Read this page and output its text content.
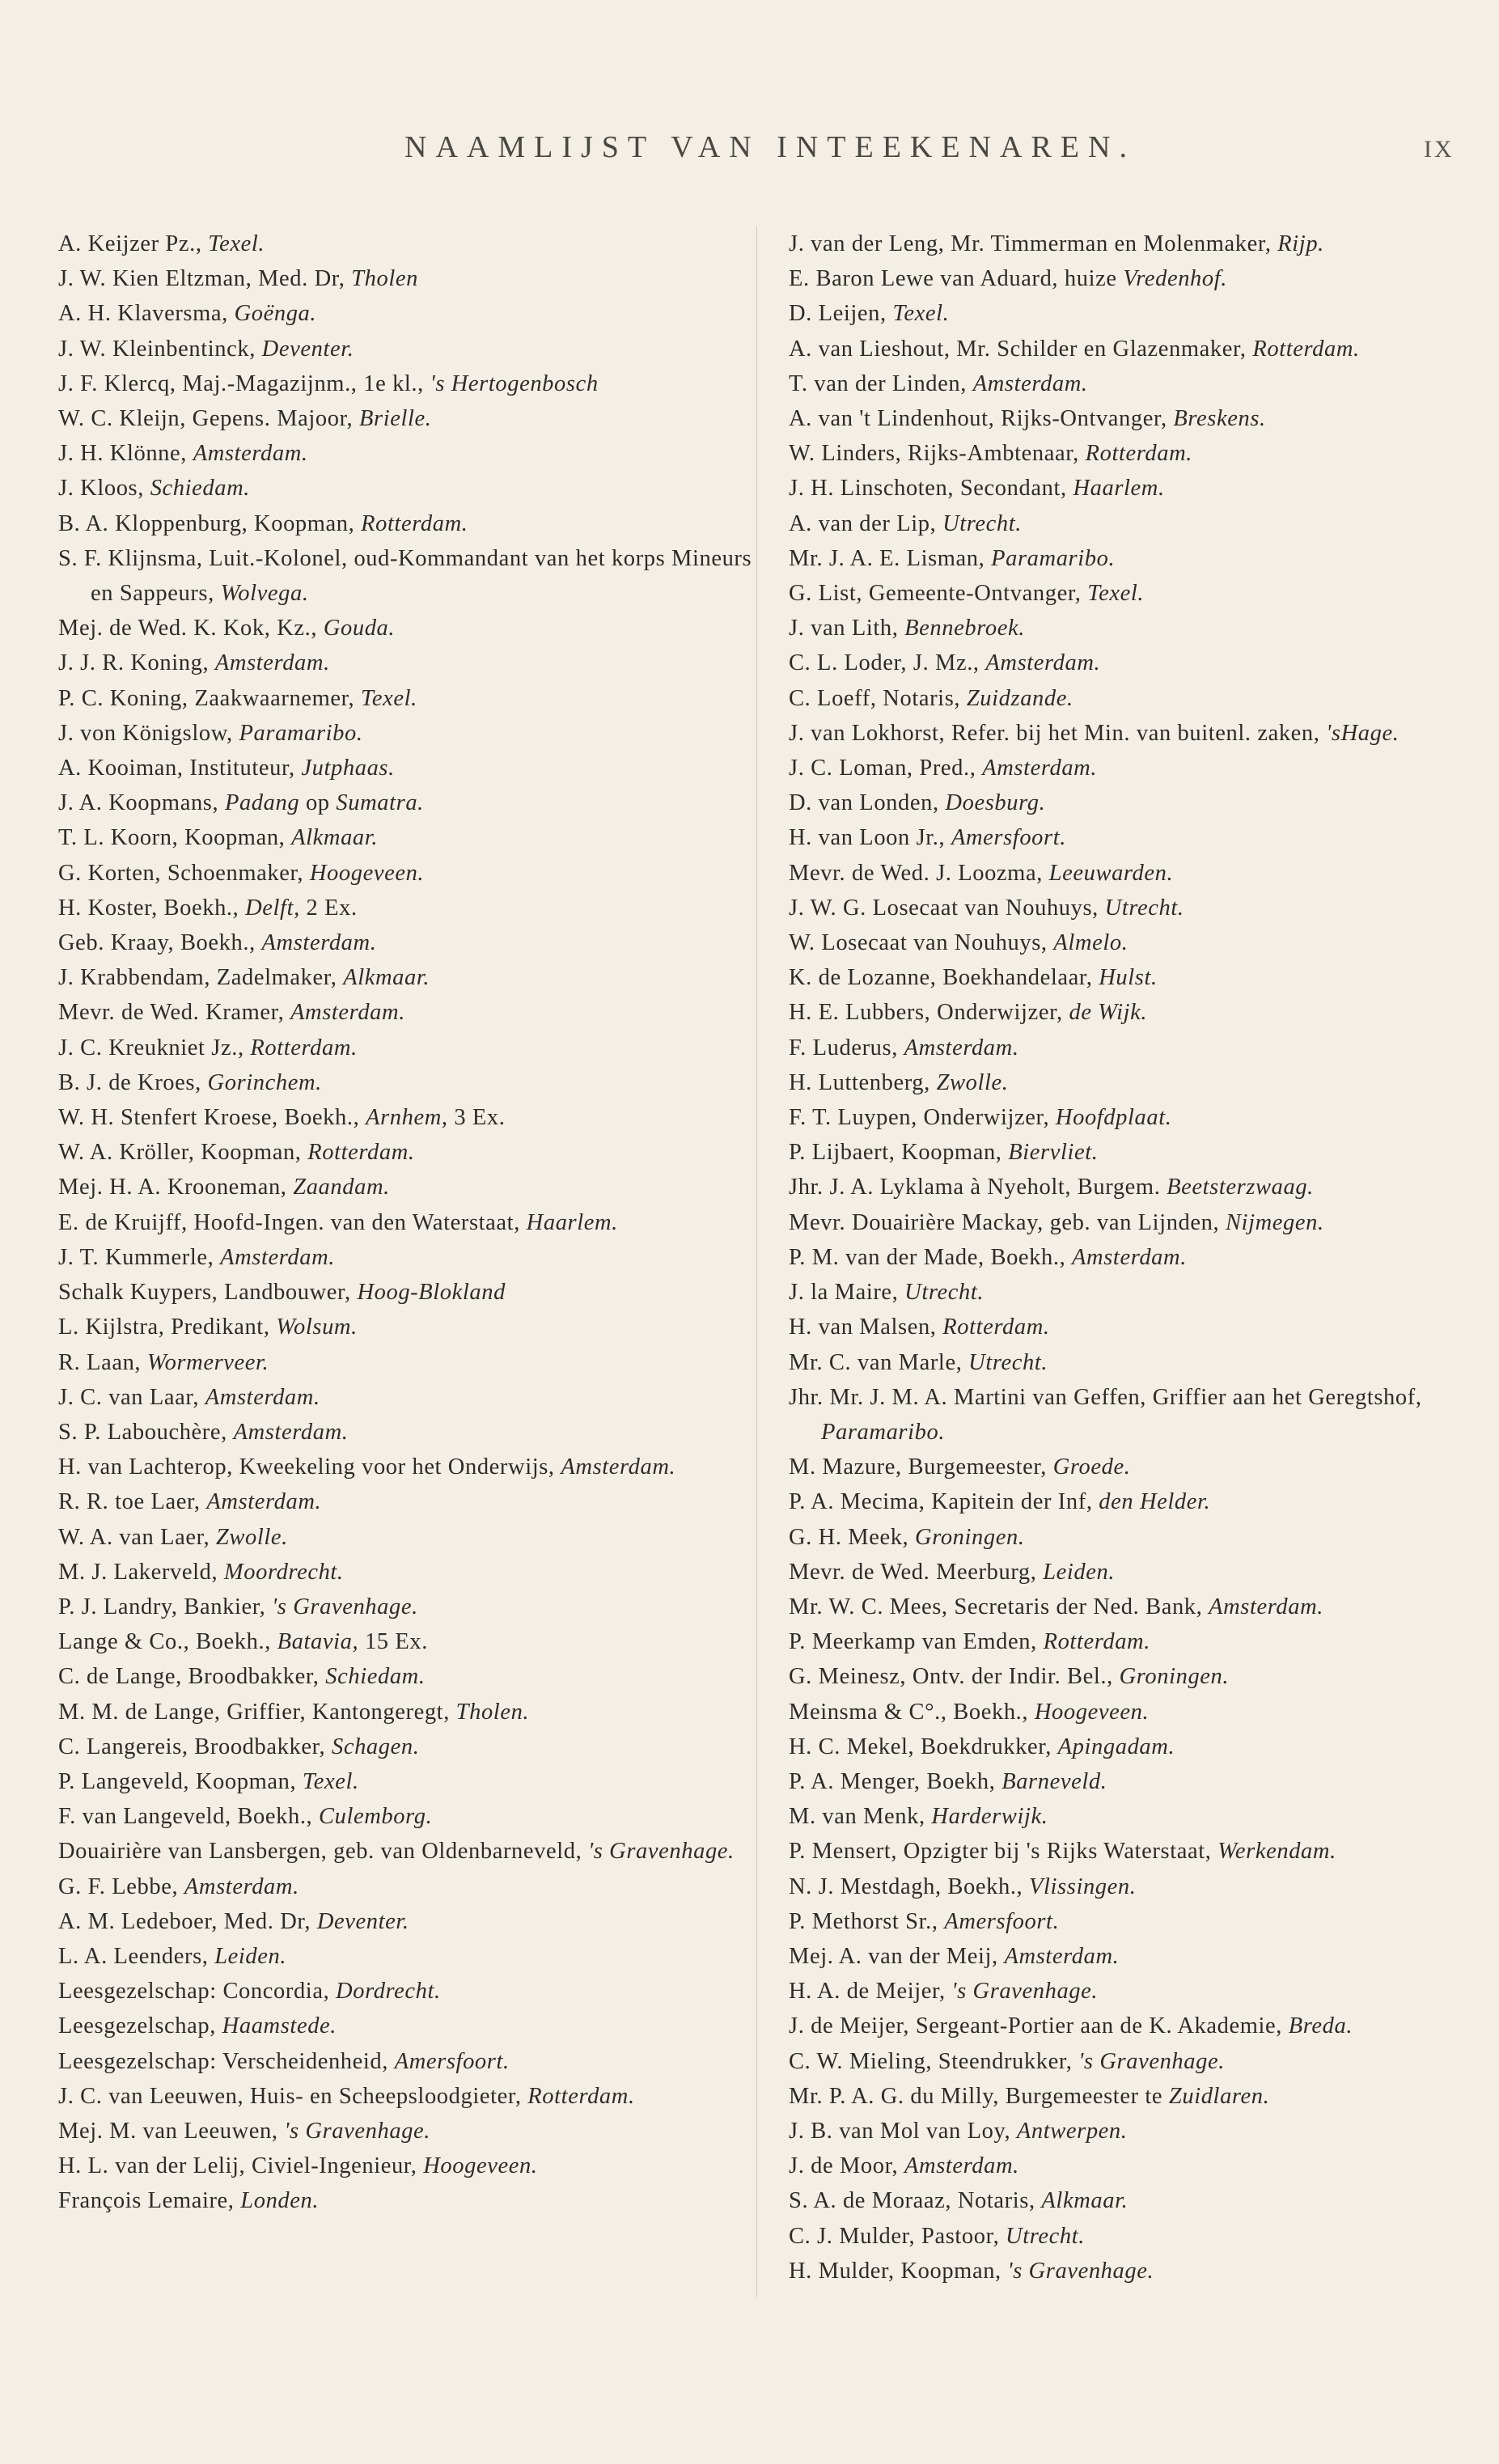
NAAMLIJST VAN INTEEKENAREN.	IX
A. Keijzer Pz., Texel.
J. W. Kien Eltzman, Med. Dr, Tholen
A. H. Klaversma, Goënga.
J. W. Kleinbentinck, Deventer.
J. F. Klercq, Maj.-Magazijnm., 1e kl., 's Hertogenbosch
W. C. Kleijn, Gepens. Majoor, Brielle.
J. H. Klönne, Amsterdam.
J. Kloos, Schiedam.
B. A. Kloppenburg, Koopman, Rotterdam.
S. F. Klijnsma, Luit.-Kolonel, oud-Kommandant van het korps Mineurs en Sappeurs, Wolvega.
Mej. de Wed. K. Kok, Kz., Gouda.
J. J. R. Koning, Amsterdam.
P. C. Koning, Zaakwaarnemer, Texel.
J. von Königslow, Paramaribo.
A. Kooiman, Instituteur, Jutphaas.
J. A. Koopmans, Padang op Sumatra.
T. L. Koorn, Koopman, Alkmaar.
G. Korten, Schoenmaker, Hoogeveen.
H. Koster, Boekh., Delft, 2 Ex.
Geb. Kraay, Boekh., Amsterdam.
J. Krabbendam, Zadelmaker, Alkmaar.
Mevr. de Wed. Kramer, Amsterdam.
J. C. Kreukniet Jz., Rotterdam.
B. J. de Kroes, Gorinchem.
W. H. Stenfert Kroese, Boekh., Arnhem, 3 Ex.
W. A. Kröller, Koopman, Rotterdam.
Mej. H. A. Krooneman, Zaandam.
E. de Kruijff, Hoofd-Ingen. van den Waterstaat, Haarlem.
J. T. Kummerle, Amsterdam.
Schalk Kuypers, Landbouwer, Hoog-Blokland
L. Kijlstra, Predikant, Wolsum.
R. Laan, Wormerveer.
J. C. van Laar, Amsterdam.
S. P. Labouchère, Amsterdam.
H. van Lachterop, Kweekeling voor het Onderwijs, Amsterdam.
R. R. toe Laer, Amsterdam.
W. A. van Laer, Zwolle.
M. J. Lakerveld, Moordrecht.
P. J. Landry, Bankier, 's Gravenhage.
Lange & Co., Boekh., Batavia, 15 Ex.
C. de Lange, Broodbakker, Schiedam.
M. M. de Lange, Griffier, Kantongeregt, Tholen.
C. Langereis, Broodbakker, Schagen.
P. Langeveld, Koopman, Texel.
F. van Langeveld, Boekh., Culemborg.
Douairière van Lansbergen, geb. van Oldenbarneveld, 's Gravenhage.
G. F. Lebbe, Amsterdam.
A. M. Ledeboer, Med. Dr, Deventer.
L. A. Leenders, Leiden.
Leesgezelschap: Concordia, Dordrecht.
Leesgezelschap, Haamstede.
Leesgezelschap: Verscheidenheid, Amersfoort.
J. C. van Leeuwen, Huis- en Scheepsloodgieter, Rotterdam.
Mej. M. van Leeuwen, 's Gravenhage.
H. L. van der Lelij, Civiel-Ingenieur, Hoogeveen.
François Lemaire, Londen.
J. van der Leng, Mr. Timmerman en Molenmaker, Rijp.
E. Baron Lewe van Aduard, huize Vredenhof.
D. Leijen, Texel.
A. van Lieshout, Mr. Schilder en Glazenmaker, Rotterdam.
T. van der Linden, Amsterdam.
A. van 't Lindenhout, Rijks-Ontvanger, Breskens.
W. Linders, Rijks-Ambtenaar, Rotterdam.
J. H. Linschoten, Secondant, Haarlem.
A. van der Lip, Utrecht.
Mr. J. A. E. Lisman, Paramaribo.
G. List, Gemeente-Ontvanger, Texel.
J. van Lith, Bennebroek.
C. L. Loder, J. Mz., Amsterdam.
C. Loeff, Notaris, Zuidzande.
J. van Lokhorst, Refer. bij het Min. van buitenl. zaken, 'sHage.
J. C. Loman, Pred., Amsterdam.
D. van Londen, Doesburg.
H. van Loon Jr., Amersfoort.
Mevr. de Wed. J. Loozma, Leeuwarden.
J. W. G. Losecaat van Nouhuys, Utrecht.
W. Losecaat van Nouhuys, Almelo.
K. de Lozanne, Boekhandelaar, Hulst.
H. E. Lubbers, Onderwijzer, de Wijk.
F. Luderus, Amsterdam.
H. Luttenberg, Zwolle.
F. T. Luypen, Onderwijzer, Hoofdplaat.
P. Lijbaert, Koopman, Biervliet.
Jhr. J. A. Lyklama à Nyeholt, Burgem. Beetsterzwaag.
Mevr. Douairière Mackay, geb. van Lijnden, Nijmegen.
P. M. van der Made, Boekh., Amsterdam.
J. la Maire, Utrecht.
H. van Malsen, Rotterdam.
Mr. C. van Marle, Utrecht.
Jhr. Mr. J. M. A. Martini van Geffen, Griffier aan het Geregtshof, Paramaribo.
M. Mazure, Burgemeester, Groede.
P. A. Mecima, Kapitein der Inf, den Helder.
G. H. Meek, Groningen.
Mevr. de Wed. Meerburg, Leiden.
Mr. W. C. Mees, Secretaris der Ned. Bank, Amsterdam.
P. Meerkamp van Emden, Rotterdam.
G. Meinesz, Ontv. der Indir. Bel., Groningen.
Meinsma & C°., Boekh., Hoogeveen.
H. C. Mekel, Boekdrukker, Apingadam.
P. A. Menger, Boekh, Barneveld.
M. van Menk, Harderwijk.
P. Mensert, Opzigter bij 's Rijks Waterstaat, Werkendam.
N. J. Mestdagh, Boekh., Vlissingen.
P. Methorst Sr., Amersfoort.
Mej. A. van der Meij, Amsterdam.
H. A. de Meijer, 's Gravenhage.
J. de Meijer, Sergeant-Portier aan de K. Akademie, Breda.
C. W. Mieling, Steendrukker, 's Gravenhage.
Mr. P. A. G. du Milly, Burgemeester te Zuidlaren.
J. B. van Mol van Loy, Antwerpen.
J. de Moor, Amsterdam.
S. A. de Moraaz, Notaris, Alkmaar.
C. J. Mulder, Pastoor, Utrecht.
H. Mulder, Koopman, 's Gravenhage.
